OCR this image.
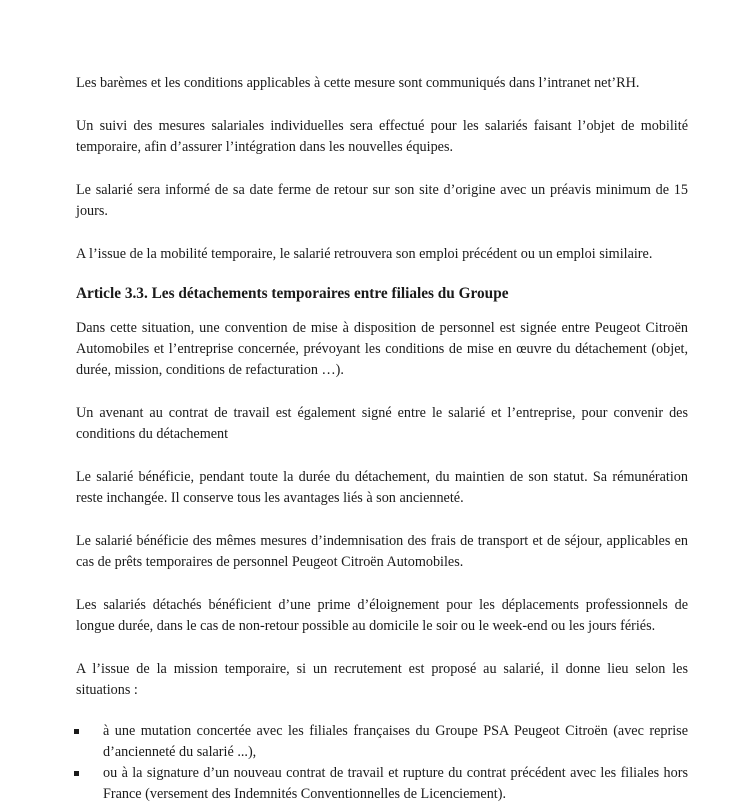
Les barèmes et les conditions applicables à cette mesure sont communiqués dans l’intranet net’RH.

Un suivi des mesures salariales individuelles sera effectué pour les salariés faisant l’objet de mobilité temporaire, afin d’assurer l’intégration dans les nouvelles équipes.

Le salarié sera informé de sa date ferme de retour sur son site d’origine avec un préavis minimum de 15 jours.

A l’issue de la mobilité temporaire, le salarié retrouvera son emploi précédent ou un emploi similaire.

Article 3.3. Les détachements temporaires entre filiales du Groupe

Dans cette situation, une convention de mise à disposition de personnel est signée entre Peugeot Citroën Automobiles et l’entreprise concernée, prévoyant les conditions de mise en œuvre du détachement (objet, durée, mission, conditions de refacturation …).

Un avenant au contrat de travail est également signé entre le salarié et l’entreprise, pour convenir des conditions du détachement

Le salarié bénéficie, pendant toute la durée du détachement, du maintien de son statut. Sa rémunération reste inchangée. Il conserve tous les avantages liés à son ancienneté.

Le salarié bénéficie des mêmes mesures d’indemnisation des frais de transport et de séjour, applicables en cas de prêts temporaires de personnel Peugeot Citroën Automobiles.

Les salariés détachés bénéficient d’une prime d’éloignement pour les déplacements professionnels de longue durée, dans le cas de non-retour possible au domicile le soir ou le week-end ou les jours fériés.

A l’issue de la mission temporaire, si un recrutement est proposé au salarié, il donne lieu selon les situations :

à une mutation concertée avec les filiales françaises du Groupe PSA Peugeot Citroën (avec reprise d’ancienneté du salarié ...),
ou à la signature d’un nouveau contrat de travail et rupture du contrat précédent avec les filiales hors France (versement des Indemnités Conventionnelles de Licenciement).
